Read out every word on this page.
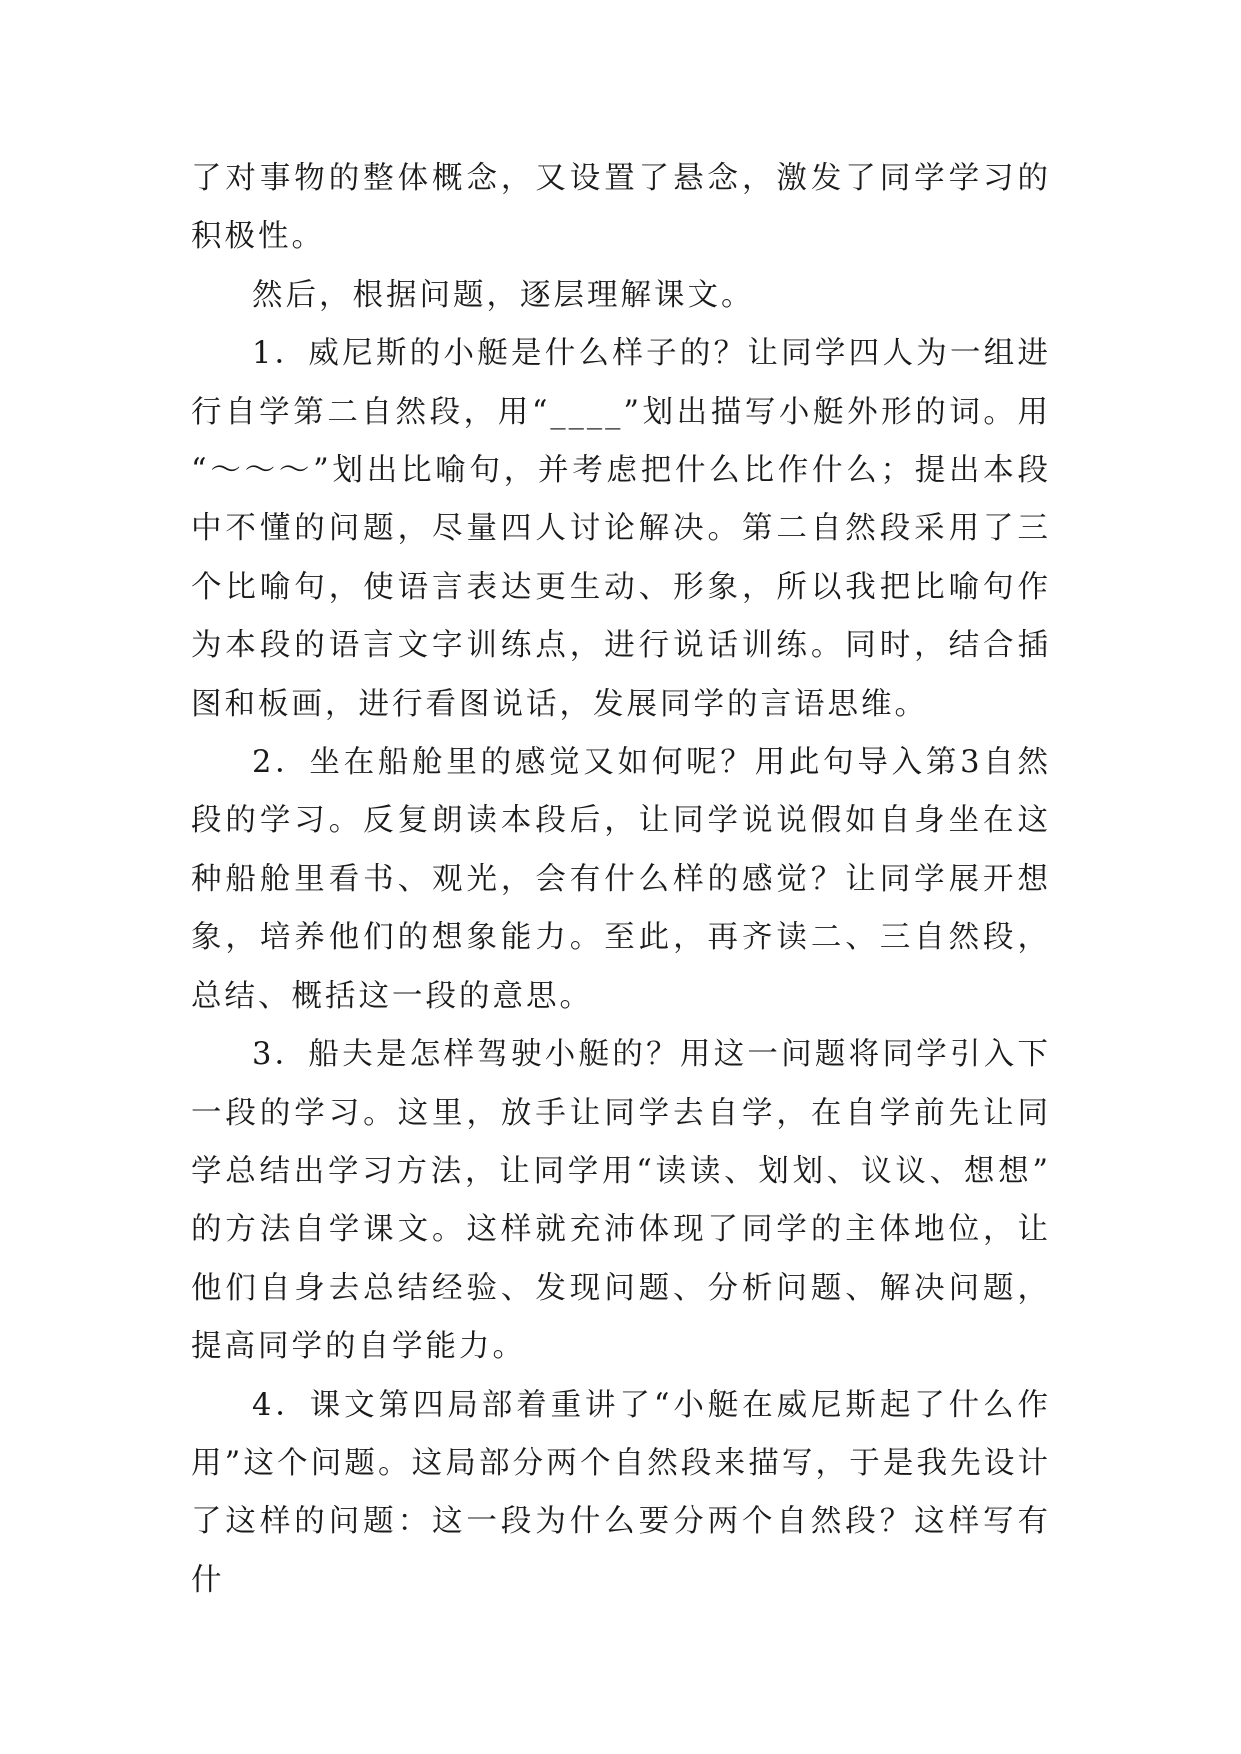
了对事物的整体概念，又设置了悬念，激发了同学学习的积极性。

然后，根据问题，逐层理解课文。

1．威尼斯的小艇是什么样子的？让同学四人为一组进行自学第二自然段，用“____”划出描写小艇外形的词。用“～～～”划出比喻句，并考虑把什么比作什么；提出本段中不懂的问题，尽量四人讨论解决。第二自然段采用了三个比喻句，使语言表达更生动、形象，所以我把比喻句作为本段的语言文字训练点，进行说话训练。同时，结合插图和板画，进行看图说话，发展同学的言语思维。

2．坐在船舱里的感觉又如何呢？用此句导入第3自然段的学习。反复朗读本段后，让同学说说假如自身坐在这种船舱里看书、观光，会有什么样的感觉？让同学展开想象，培养他们的想象能力。至此，再齐读二、三自然段，总结、概括这一段的意思。

3．船夫是怎样驾驶小艇的？用这一问题将同学引入下一段的学习。这里，放手让同学去自学，在自学前先让同学总结出学习方法，让同学用“读读、划划、议议、想想”的方法自学课文。这样就充沛体现了同学的主体地位，让他们自身去总结经验、发现问题、分析问题、解决问题，提高同学的自学能力。

4．课文第四局部着重讲了“小艇在威尼斯起了什么作用”这个问题。这局部分两个自然段来描写，于是我先设计了这样的问题：这一段为什么要分两个自然段？这样写有什
